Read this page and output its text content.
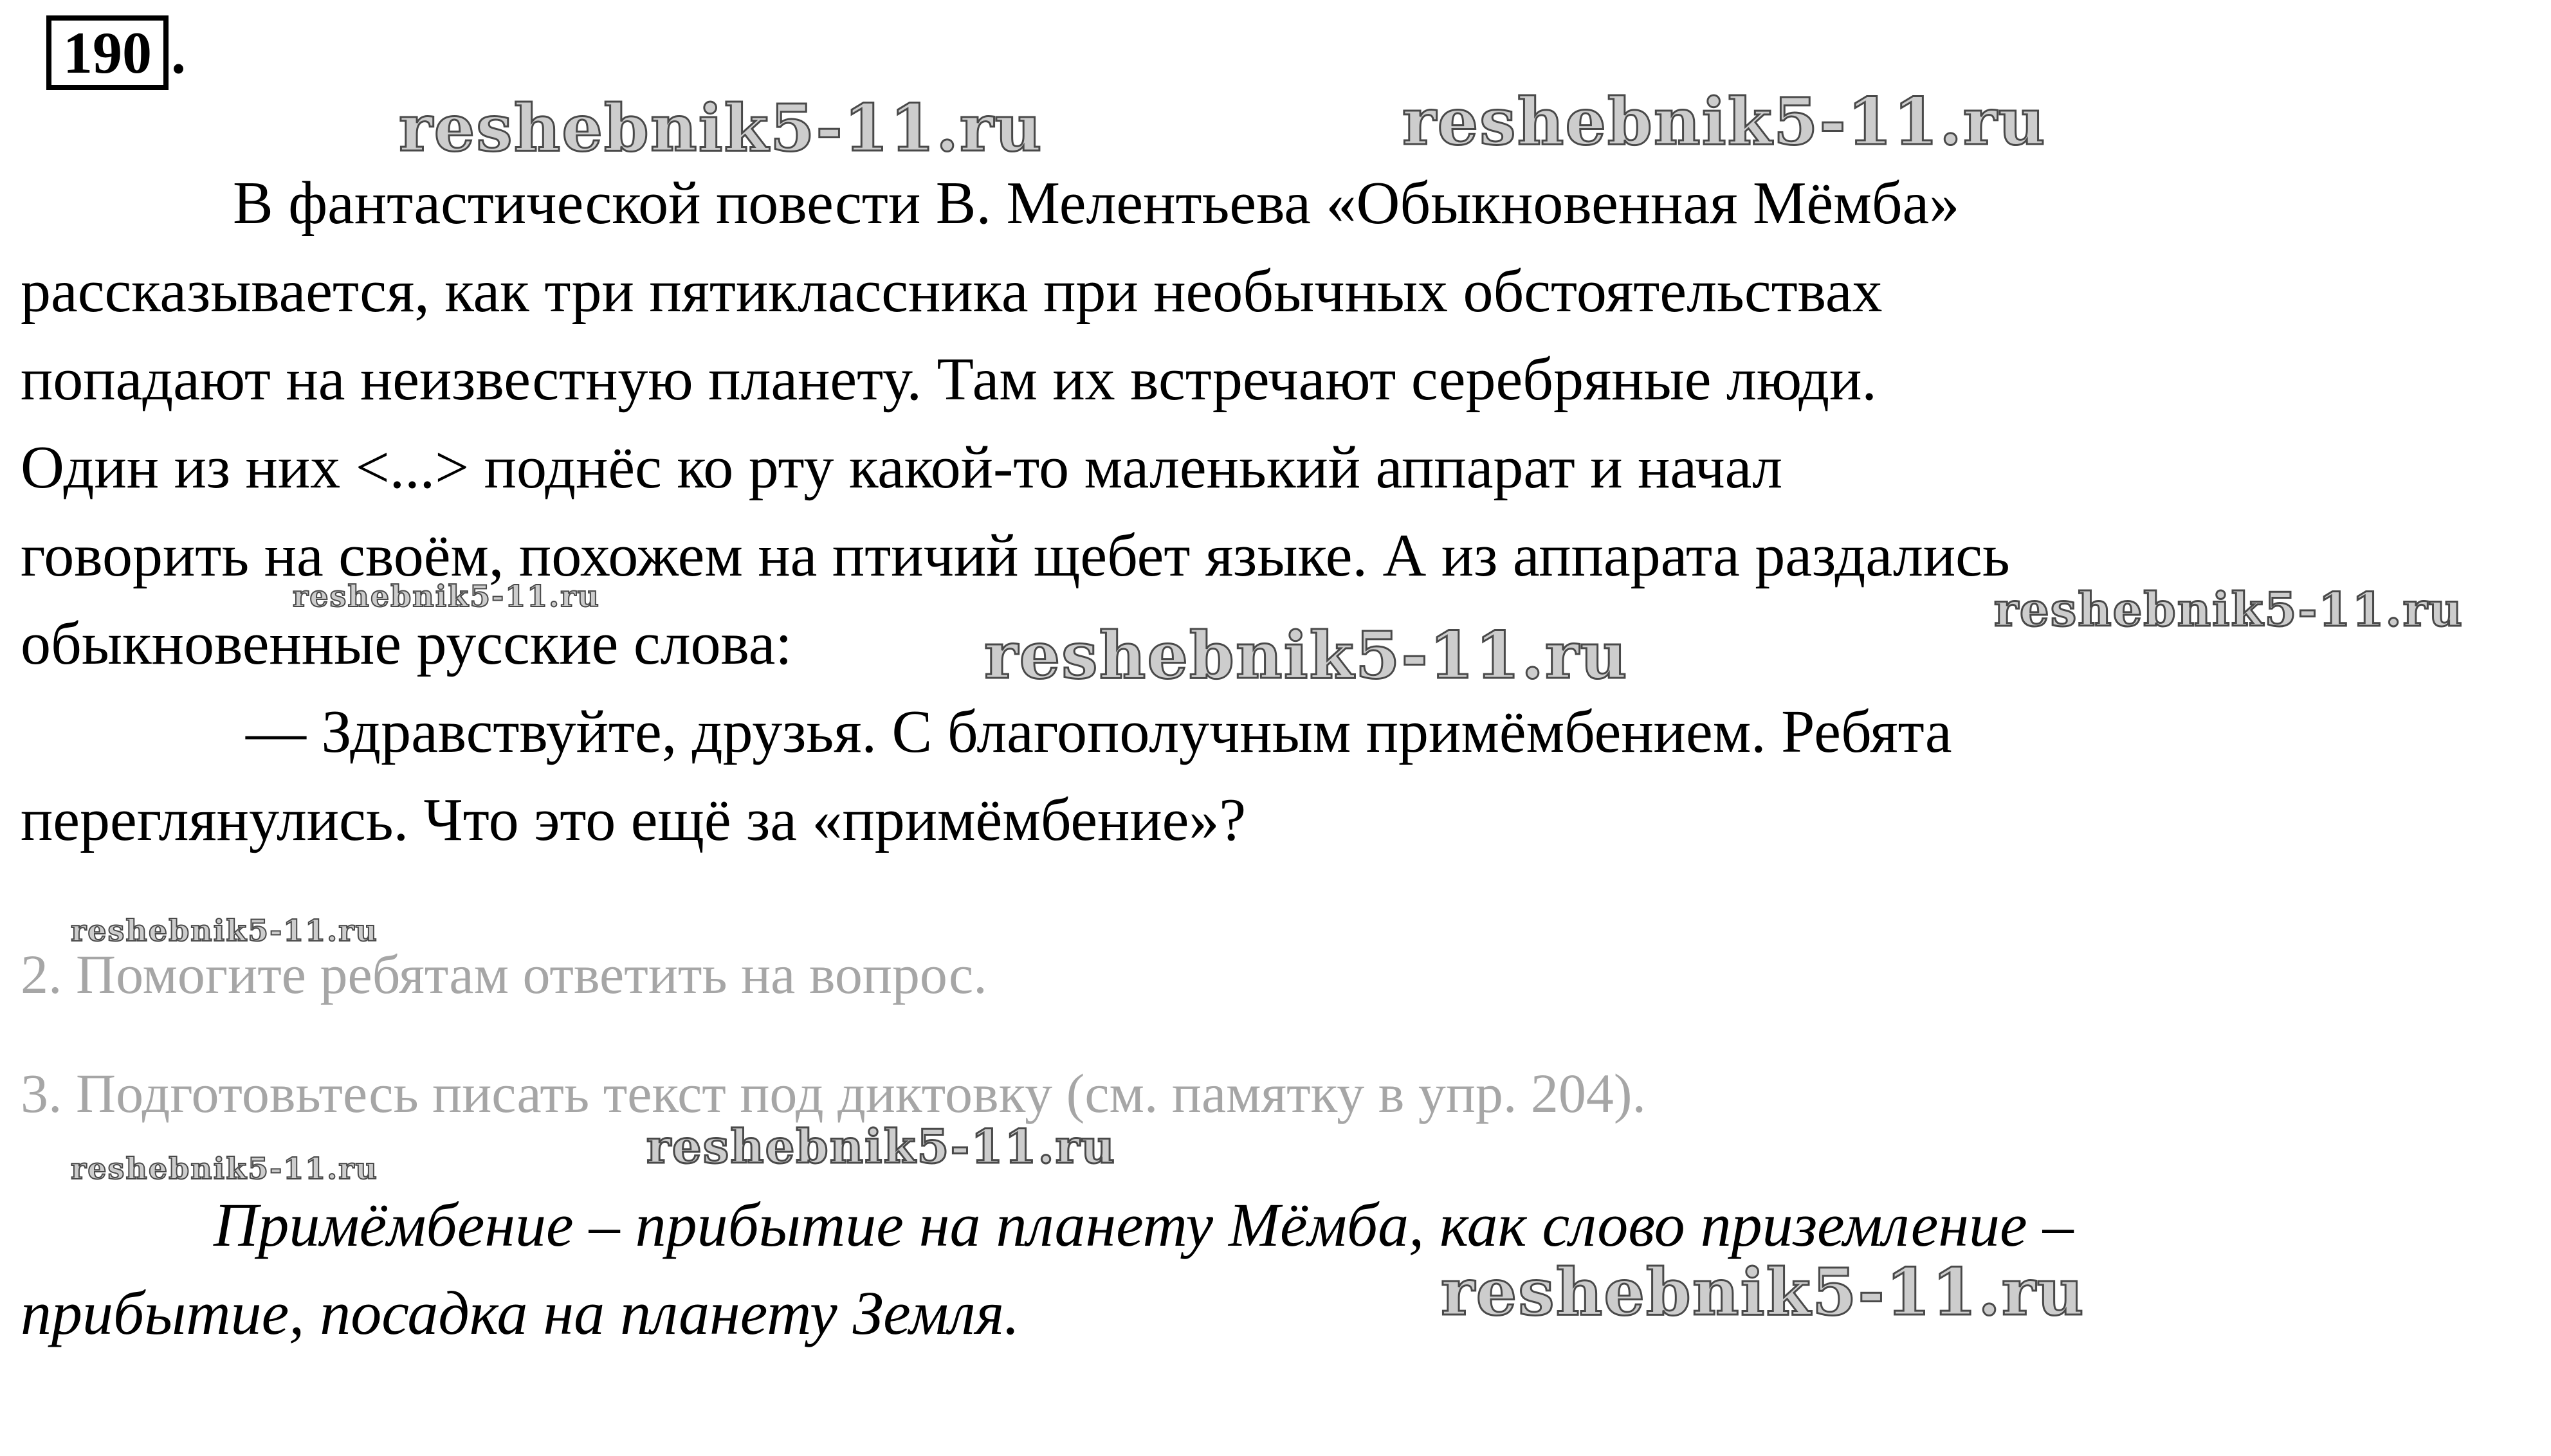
190 .
В фантастической повести В. Мелентьева «Обыкновенная Мёмба»
рассказывается, как три пятиклассника при необычных обстоятельствах
попадают на неизвестную планету. Там их встречают серебряные люди.
Один из них <...> поднёс ко рту какой-то маленький аппарат и начал
говорить на своём, похожем на птичий щебет языке. А из аппарата раздались
обыкновенные русские слова:
— Здравствуйте, друзья. С благополучным примёмбением. Ребята
переглянулись. Что это ещё за «примёмбение»?
2. Помогите ребятам ответить на вопрос.
3. Подготовьтесь писать текст под диктовку (см. памятку в упр. 204).
Примёмбение – прибытие на планету Мёмба, как слово приземление –
прибытие, посадка на планету Земля.
reshebnik5-11.ru	reshebnik5-11.ru
reshebnik5-11.ru	reshebnik5-11.ru
reshebnik5-11.ru
reshebnik5-11.ru
reshebnik5-11.ru
reshebnik5-11.ru
reshebnik5-11.ru
